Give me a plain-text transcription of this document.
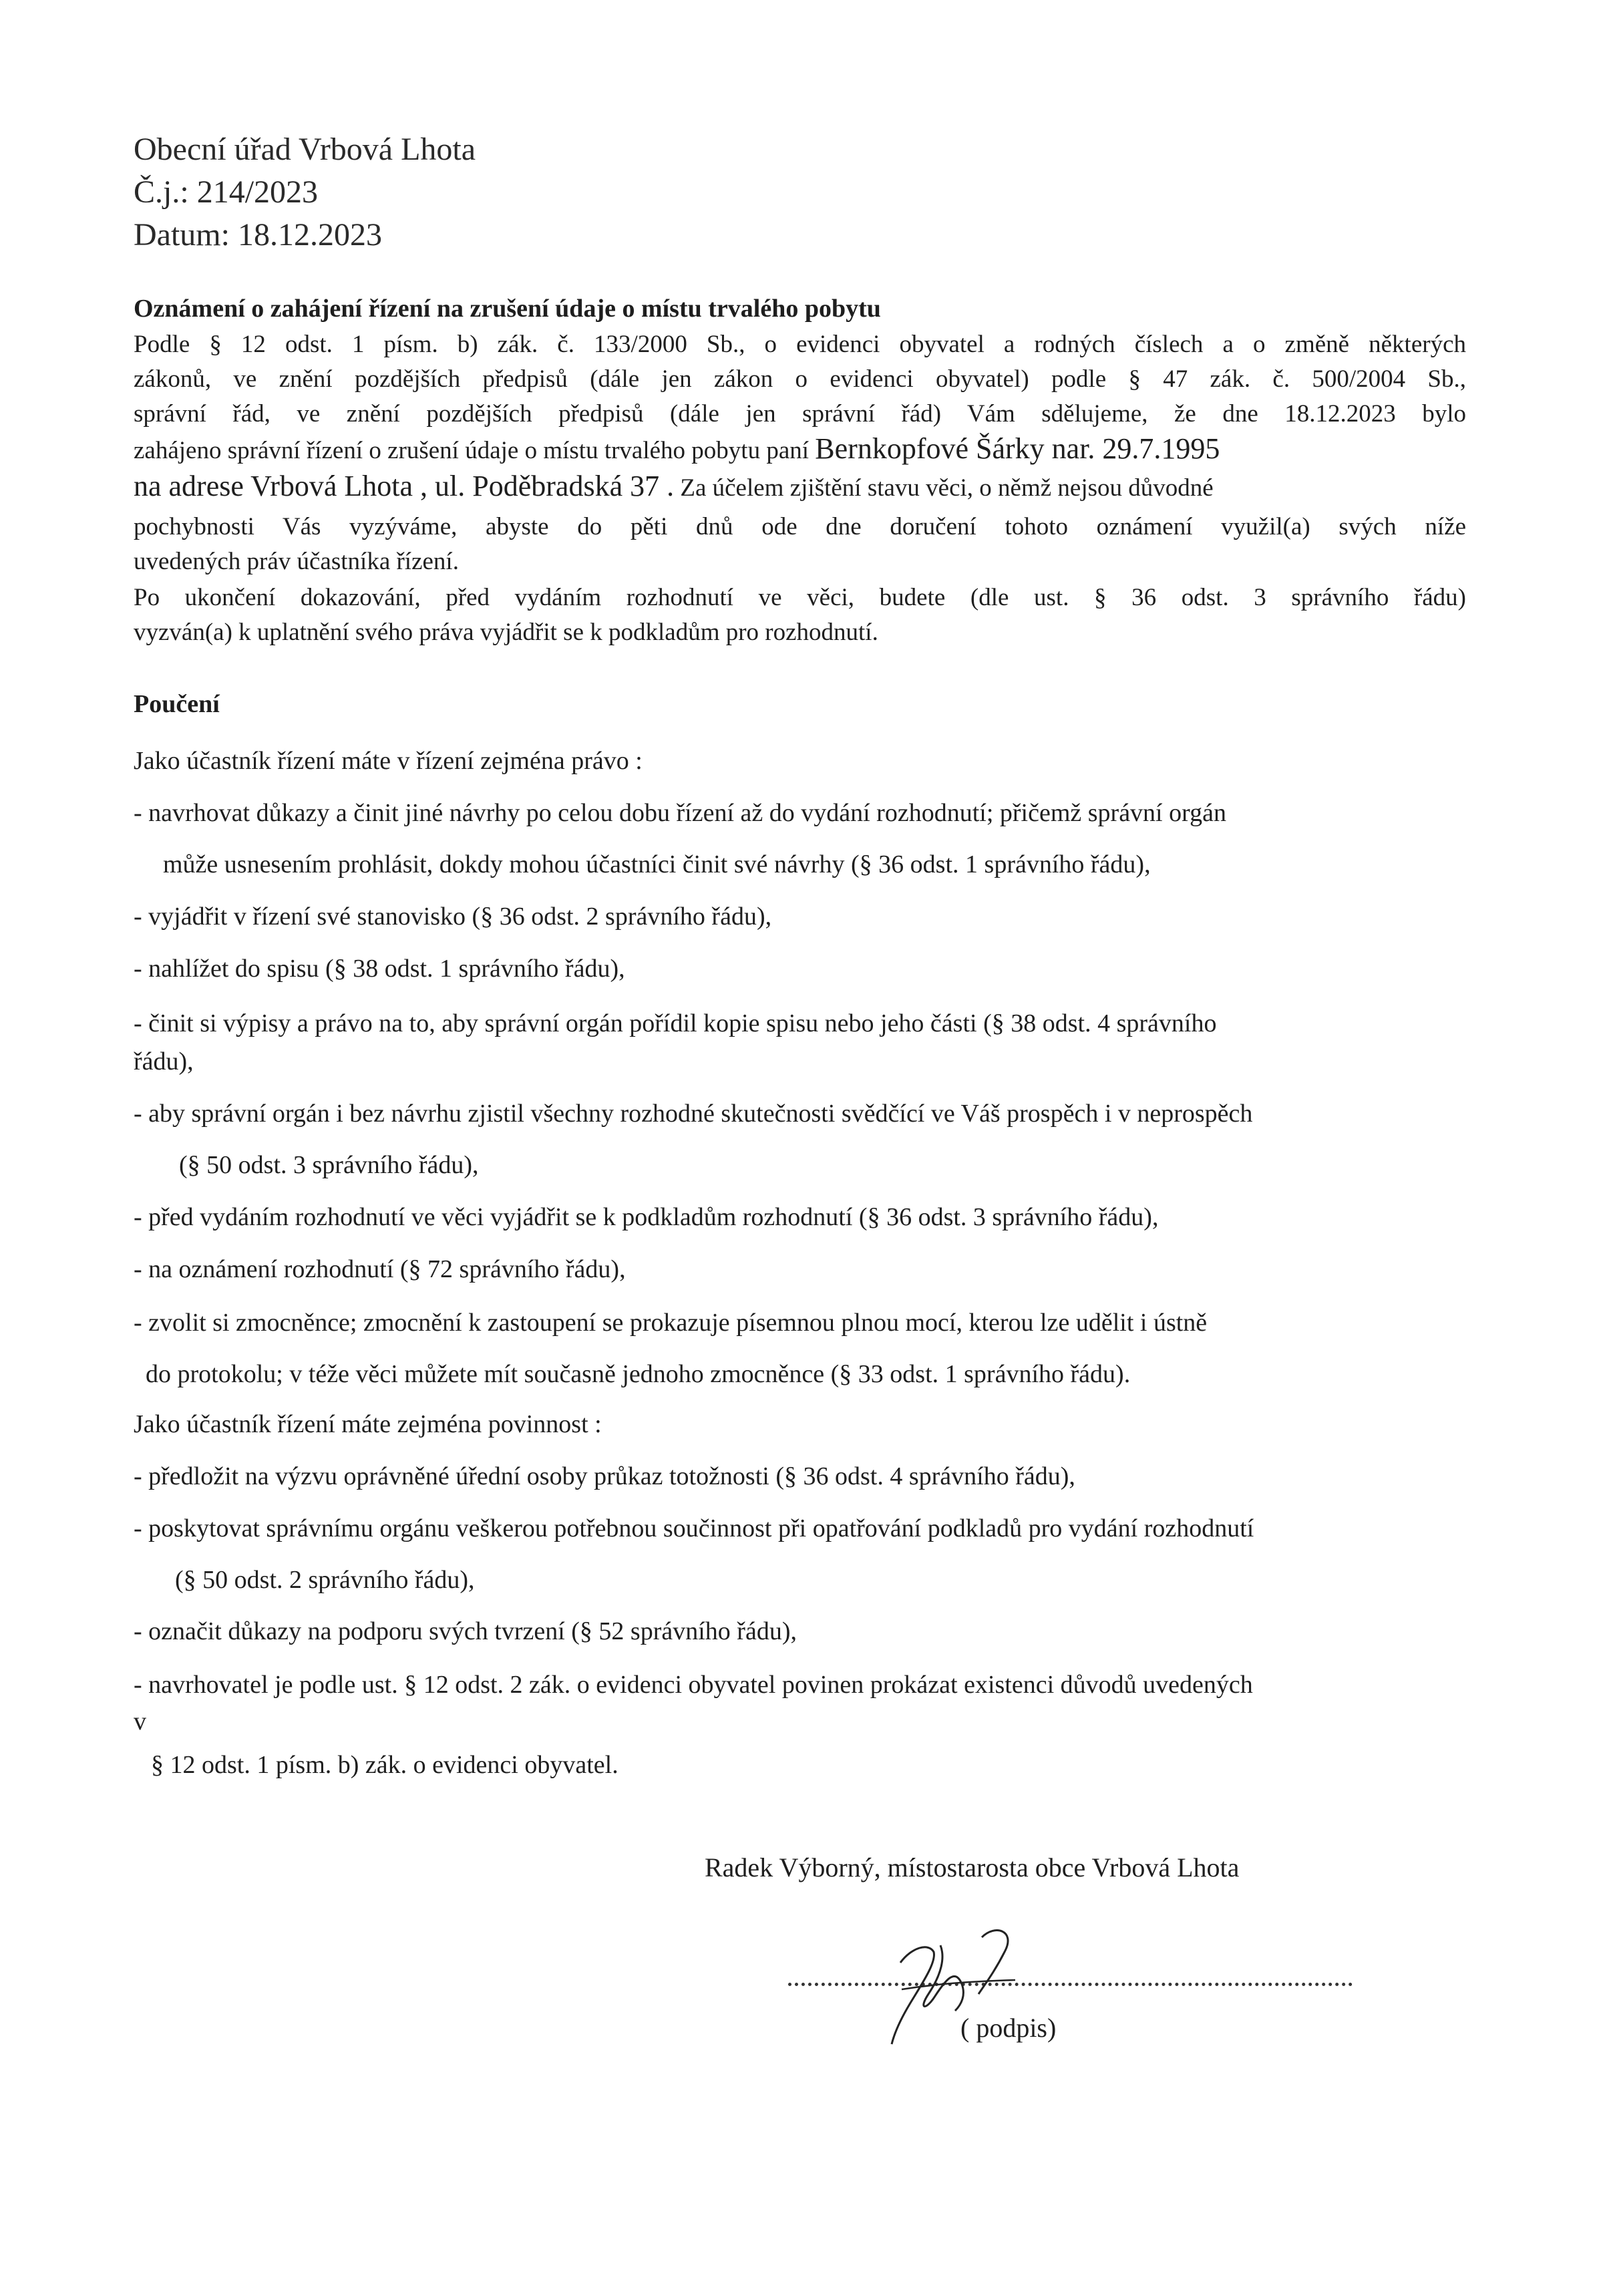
Obecní úřad Vrbová Lhota
Č.j.: 214/2023
Datum: 18.12.2023
Oznámení o zahájení řízení na zrušení údaje o místu trvalého pobytu
Podle § 12 odst. 1 písm. b) zák. č. 133/2000 Sb., o evidenci obyvatel a rodných číslech a o změně některých
zákonů, ve znění pozdějších předpisů (dále jen zákon o evidenci obyvatel) podle § 47 zák. č. 500/2004 Sb.,
správní řád, ve znění pozdějších předpisů (dále jen správní řád) Vám sdělujeme, že dne 18.12.2023 bylo
zahájeno správní řízení o zrušení údaje o místu trvalého pobytu paní Bernkopfové Šárky nar. 29.7.1995
na adrese Vrbová Lhota , ul. Poděbradská 37 . Za účelem zjištění stavu věci, o němž nejsou důvodné
pochybnosti Vás vyzýváme, abyste do pěti dnů ode dne doručení tohoto oznámení využil(a) svých níže
uvedených práv účastníka řízení.
Po ukončení dokazování, před vydáním rozhodnutí ve věci, budete (dle ust. § 36 odst. 3 správního řádu)
vyzván(a) k uplatnění svého práva vyjádřit se k podkladům pro rozhodnutí.
Poučení
Jako účastník řízení máte v řízení zejména právo :
- navrhovat důkazy a činit jiné návrhy po celou dobu řízení až do vydání rozhodnutí; přičemž správní orgán
může usnesením prohlásit, dokdy mohou účastníci činit své návrhy (§ 36 odst. 1 správního řádu),
- vyjádřit v řízení své stanovisko (§ 36 odst. 2 správního řádu),
- nahlížet do spisu (§ 38 odst. 1 správního řádu),
- činit si výpisy a právo na to, aby správní orgán pořídil kopie spisu nebo jeho části (§ 38 odst. 4 správního
řádu),
- aby správní orgán i bez návrhu zjistil všechny rozhodné skutečnosti svědčící ve Váš prospěch i v neprospěch
(§ 50 odst. 3 správního řádu),
- před vydáním rozhodnutí ve věci vyjádřit se k podkladům rozhodnutí (§ 36 odst. 3 správního řádu),
- na oznámení rozhodnutí (§ 72 správního řádu),
- zvolit si zmocněnce; zmocnění k zastoupení se prokazuje písemnou plnou mocí, kterou lze udělit i ústně
do protokolu; v téže věci můžete mít současně jednoho zmocněnce (§ 33 odst. 1 správního řádu).
Jako účastník řízení máte zejména povinnost :
- předložit na výzvu oprávněné úřední osoby průkaz totožnosti (§ 36 odst. 4 správního řádu),
- poskytovat správnímu orgánu veškerou potřebnou součinnost při opatřování podkladů pro vydání rozhodnutí
(§ 50 odst. 2 správního řádu),
- označit důkazy na podporu svých tvrzení (§ 52 správního řádu),
- navrhovatel je podle ust. § 12 odst. 2 zák. o evidenci obyvatel povinen prokázat existenci důvodů uvedených
v
§ 12 odst. 1 písm. b) zák. o evidenci obyvatel.
Radek Výborný, místostarosta obce Vrbová Lhota
( podpis)
